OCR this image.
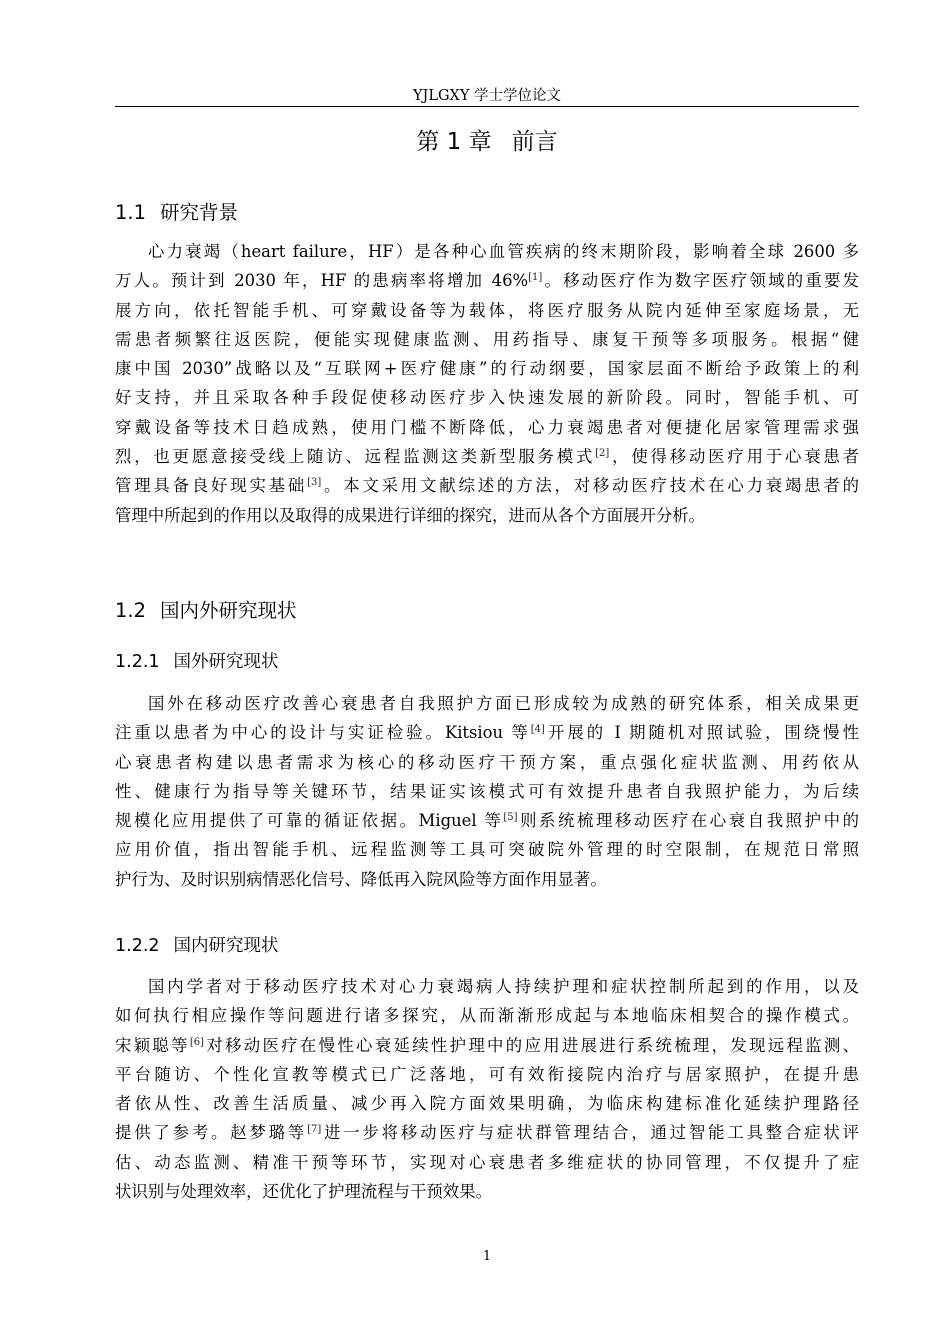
YJLGXY 学士学位论文
第 1 章 前言
1.1 研究背景
心力衰竭（heart failure，HF）是各种心血管疾病的终末期阶段，影响着全球 2600 多
万人。预计到 2030 年，HF 的患病率将增加 46%[1]。移动医疗作为数字医疗领域的重要发
展方向，依托智能手机、可穿戴设备等为载体，将医疗服务从院内延伸至家庭场景，无
需患者频繁往返医院，便能实现健康监测、用药指导、康复干预等多项服务。根据“健
康中国 2030”战略以及“互联网+医疗健康”的行动纲要，国家层面不断给予政策上的利
好支持，并且采取各种手段促使移动医疗步入快速发展的新阶段。同时，智能手机、可
穿戴设备等技术日趋成熟，使用门槛不断降低，心力衰竭患者对便捷化居家管理需求强
烈，也更愿意接受线上随访、远程监测这类新型服务模式[2]，使得移动医疗用于心衰患者
管理具备良好现实基础[3]。本文采用文献综述的方法，对移动医疗技术在心力衰竭患者的
管理中所起到的作用以及取得的成果进行详细的探究，进而从各个方面展开分析。
1.2 国内外研究现状
1.2.1 国外研究现状
国外在移动医疗改善心衰患者自我照护方面已形成较为成熟的研究体系，相关成果更
注重以患者为中心的设计与实证检验。Kitsiou 等[4]开展的 I 期随机对照试验，围绕慢性
心衰患者构建以患者需求为核心的移动医疗干预方案，重点强化症状监测、用药依从
性、健康行为指导等关键环节，结果证实该模式可有效提升患者自我照护能力，为后续
规模化应用提供了可靠的循证依据。Miguel 等[5]则系统梳理移动医疗在心衰自我照护中的
应用价值，指出智能手机、远程监测等工具可突破院外管理的时空限制，在规范日常照
护行为、及时识别病情恶化信号、降低再入院风险等方面作用显著。
1.2.2 国内研究现状
国内学者对于移动医疗技术对心力衰竭病人持续护理和症状控制所起到的作用，以及
如何执行相应操作等问题进行诸多探究，从而渐渐形成起与本地临床相契合的操作模式。
宋颖聪等[6]对移动医疗在慢性心衰延续性护理中的应用进展进行系统梳理，发现远程监测、
平台随访、个性化宣教等模式已广泛落地，可有效衔接院内治疗与居家照护，在提升患
者依从性、改善生活质量、减少再入院方面效果明确，为临床构建标准化延续护理路径
提供了参考。赵梦璐等[7]进一步将移动医疗与症状群管理结合，通过智能工具整合症状评
估、动态监测、精准干预等环节，实现对心衰患者多维症状的协同管理，不仅提升了症
状识别与处理效率，还优化了护理流程与干预效果。
1
